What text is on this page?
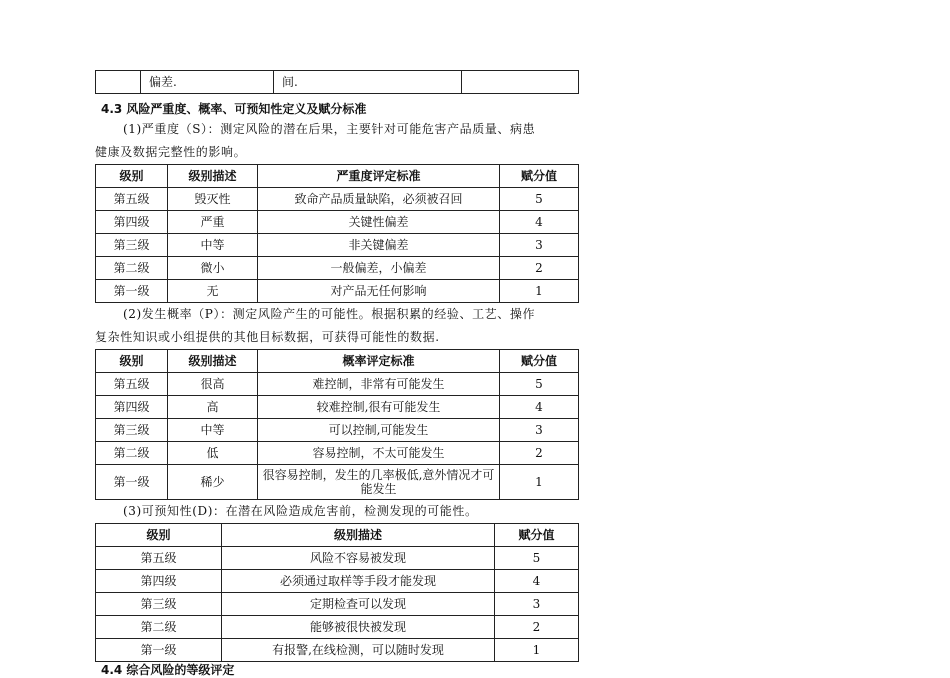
	偏差.	间.	
4.3 风险严重度、概率、可预知性定义及赋分标准

(1)严重度（S）：测定风险的潜在后果，主要针对可能危害产品质量、病患
健康及数据完整性的影响。

级别	级别描述	严重度评定标准	赋分值
第五级	毁灭性	致命产品质量缺陷，必须被召回	5
第四级	严重	关键性偏差	4
第三级	中等	非关键偏差	3
第二级	微小	一般偏差，小偏差	2
第一级	无	对产品无任何影响	1

(2)发生概率（P）：测定风险产生的可能性。根据积累的经验、工艺、操作
复杂性知识或小组提供的其他目标数据，可获得可能性的数据.

级别	级别描述	概率评定标准	赋分值
第五级	很高	难控制，非常有可能发生	5
第四级	高	较难控制,很有可能发生	4
第三级	中等	可以控制,可能发生	3
第二级	低	容易控制，不太可能发生	2
第一级	稀少	很容易控制，发生的几率极低,意外情况才可能发生	1

(3)可预知性(D)：在潜在风险造成危害前，检测发现的可能性。

级别	级别描述	赋分值
第五级	风险不容易被发现	5
第四级	必须通过取样等手段才能发现	4
第三级	定期检查可以发现	3
第二级	能够被很快被发现	2
第一级	有报警,在线检测，可以随时发现	1
4.4 综合风险的等级评定
